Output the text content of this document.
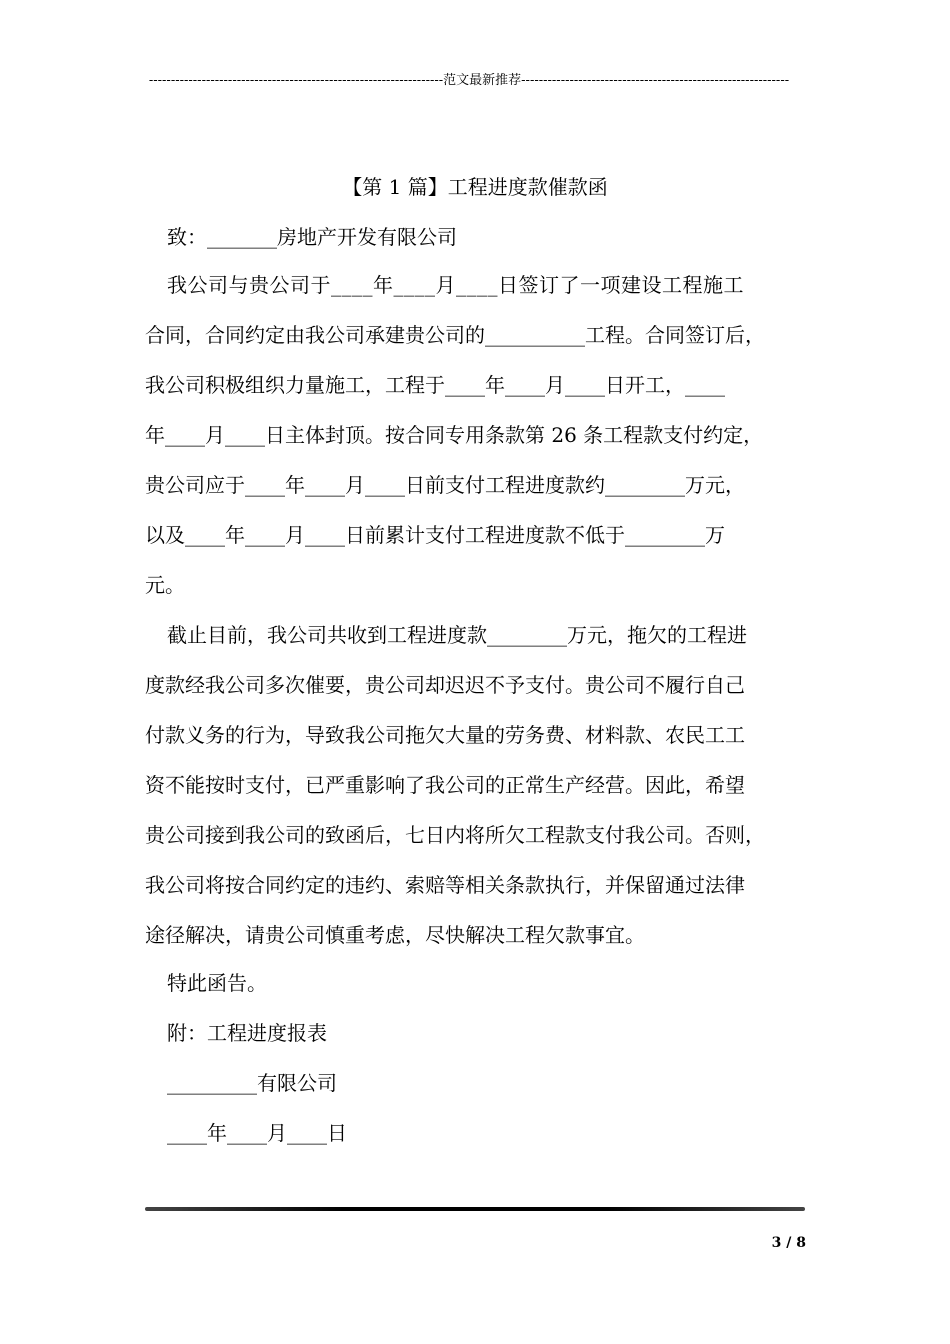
-------------------------------------------------------------------范文最新推荐-------------------------------------------------------------
【第 1 篇】工程进度款催款函
致：_______房地产开发有限公司
我公司与贵公司于____年____月____日签订了一项建设工程施工
合同，合同约定由我公司承建贵公司的__________工程。合同签订后，
我公司积极组织力量施工，工程于____年____月____日开工，____
年____月____日主体封顶。按合同专用条款第 26 条工程款支付约定，
贵公司应于____年____月____日前支付工程进度款约________万元，
以及____年____月____日前累计支付工程进度款不低于________万
元。
截止目前，我公司共收到工程进度款________万元，拖欠的工程进
度款经我公司多次催要，贵公司却迟迟不予支付。贵公司不履行自己
付款义务的行为，导致我公司拖欠大量的劳务费、材料款、农民工工
资不能按时支付，已严重影响了我公司的正常生产经营。因此，希望
贵公司接到我公司的致函后，七日内将所欠工程款支付我公司。否则，
我公司将按合同约定的违约、索赔等相关条款执行，并保留通过法律
途径解决，请贵公司慎重考虑，尽快解决工程欠款事宜。
特此函告。
附：工程进度报表
_________有限公司
____年____月____日
3 / 8
